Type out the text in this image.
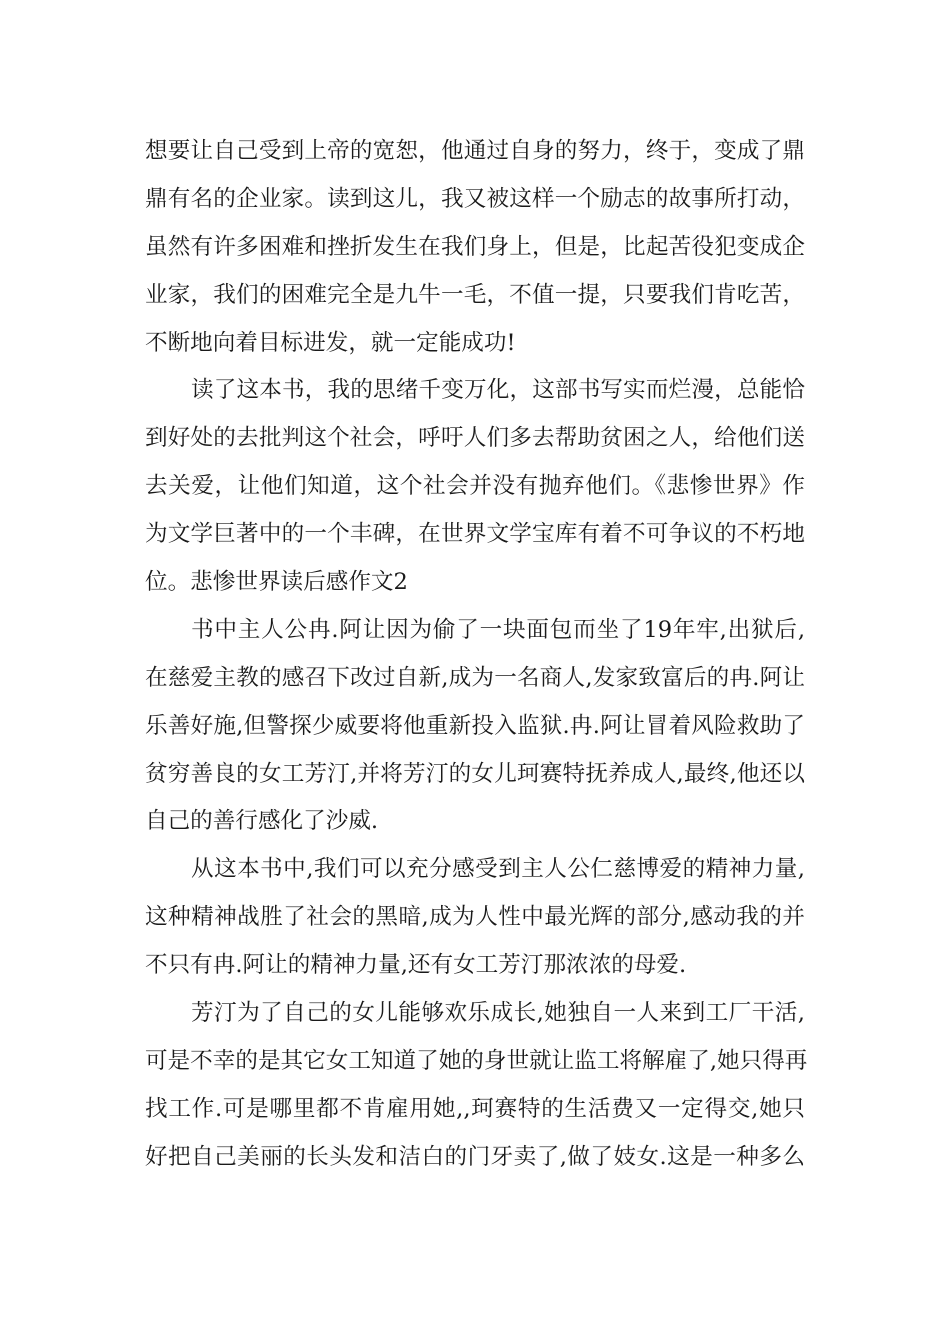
想要让自己受到上帝的宽恕，他通过自身的努力，终于，变成了鼎
鼎有名的企业家。读到这儿，我又被这样一个励志的故事所打动，
虽然有许多困难和挫折发生在我们身上，但是，比起苦役犯变成企
业家，我们的困难完全是九牛一毛，不值一提，只要我们肯吃苦，
不断地向着目标进发，就一定能成功!
读了这本书，我的思绪千变万化，这部书写实而烂漫，总能恰
到好处的去批判这个社会，呼吁人们多去帮助贫困之人，给他们送
去关爱，让他们知道，这个社会并没有抛弃他们。《悲惨世界》作
为文学巨著中的一个丰碑，在世界文学宝库有着不可争议的不朽地
位。悲惨世界读后感作文2
书中主人公冉.阿让因为偷了一块面包而坐了19年牢,出狱后,
在慈爱主教的感召下改过自新,成为一名商人,发家致富后的冉.阿让
乐善好施,但警探少威要将他重新投入监狱.冉.阿让冒着风险救助了
贫穷善良的女工芳汀,并将芳汀的女儿珂赛特抚养成人,最终,他还以
自己的善行感化了沙威.
从这本书中,我们可以充分感受到主人公仁慈博爱的精神力量,
这种精神战胜了社会的黑暗,成为人性中最光辉的部分,感动我的并
不只有冉.阿让的精神力量,还有女工芳汀那浓浓的母爱.
芳汀为了自己的女儿能够欢乐成长,她独自一人来到工厂干活,
可是不幸的是其它女工知道了她的身世就让监工将解雇了,她只得再
找工作.可是哪里都不肯雇用她,,珂赛特的生活费又一定得交,她只
好把自己美丽的长头发和洁白的门牙卖了,做了妓女.这是一种多么
